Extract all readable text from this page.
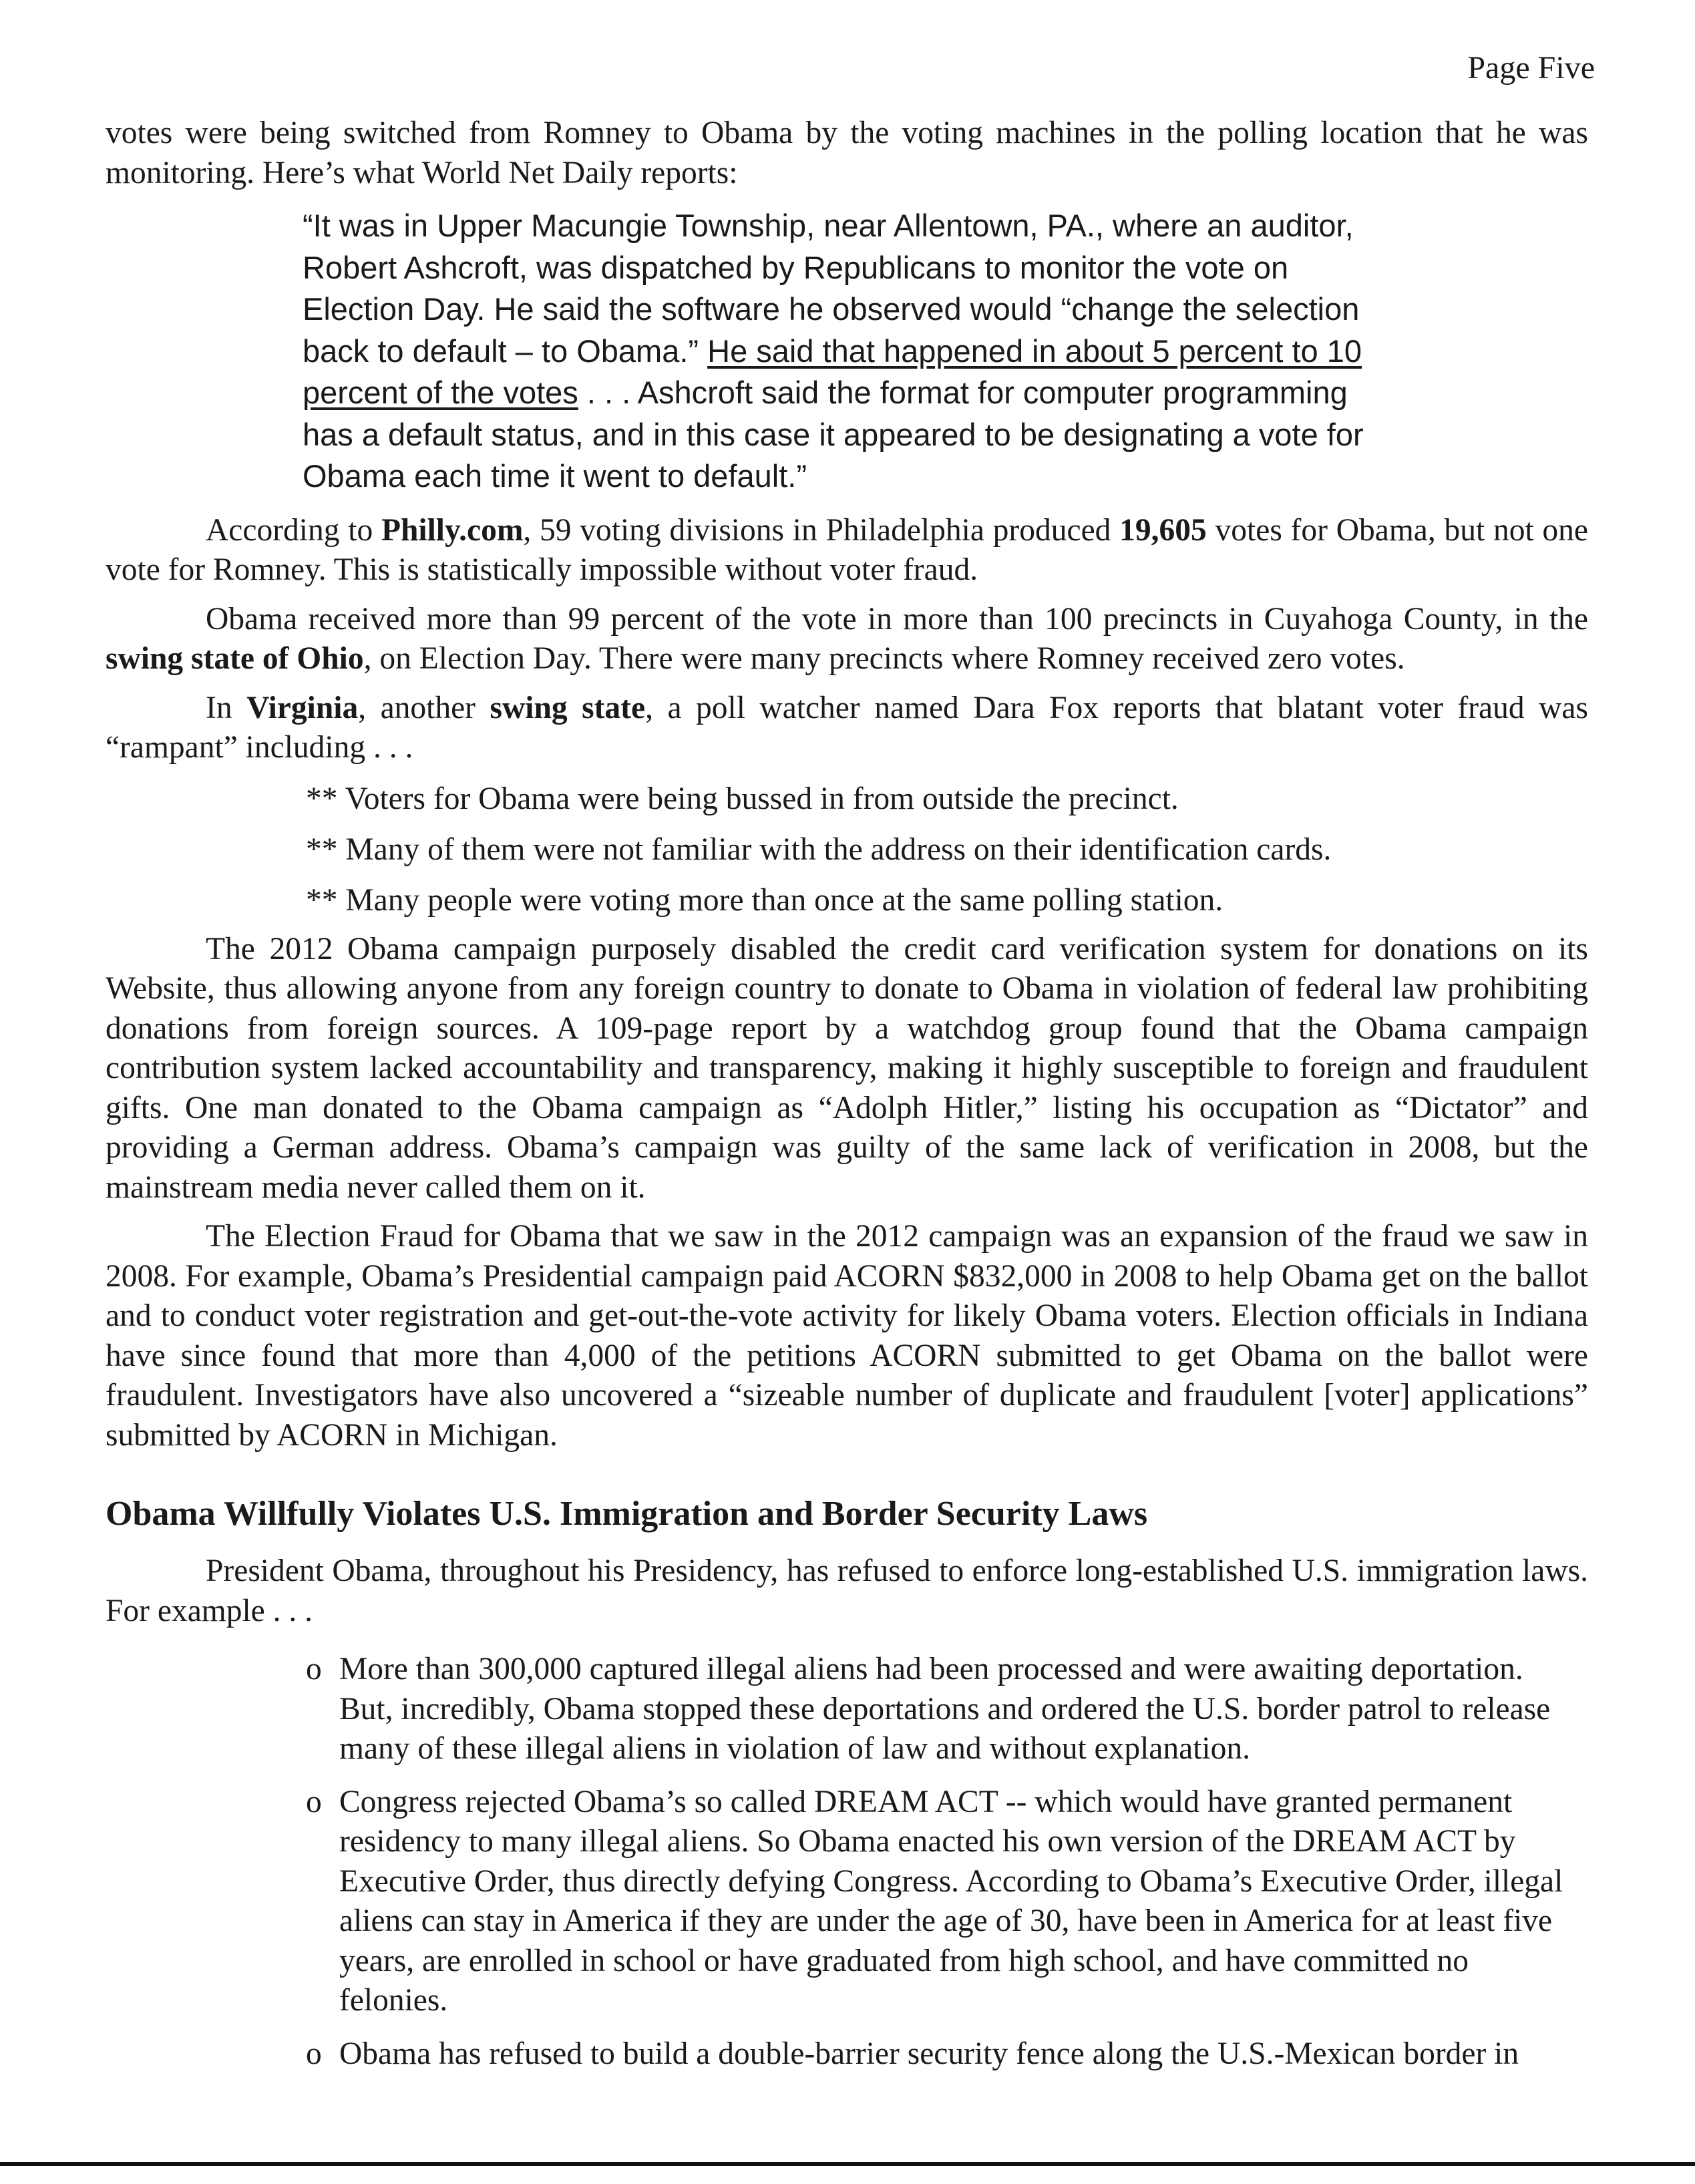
Page Five

votes were being switched from Romney to Obama by the voting machines in the polling location that he was monitoring. Here’s what World Net Daily reports:

“It was in Upper Macungie Township, near Allentown, PA., where an auditor, Robert Ashcroft, was dispatched by Republicans to monitor the vote on Election Day. He said the software he observed would “change the selection back to default – to Obama.” He said that happened in about 5 percent to 10 percent of the votes . . . Ashcroft said the format for computer programming has a default status, and in this case it appeared to be designating a vote for Obama each time it went to default.”

According to Philly.com, 59 voting divisions in Philadelphia produced 19,605 votes for Obama, but not one vote for Romney. This is statistically impossible without voter fraud.

Obama received more than 99 percent of the vote in more than 100 precincts in Cuyahoga County, in the swing state of Ohio, on Election Day. There were many precincts where Romney received zero votes.

In Virginia, another swing state, a poll watcher named Dara Fox reports that blatant voter fraud was “rampant” including . . .

** Voters for Obama were being bussed in from outside the precinct.
** Many of them were not familiar with the address on their identification cards.
** Many people were voting more than once at the same polling station.

The 2012 Obama campaign purposely disabled the credit card verification system for donations on its Website, thus allowing anyone from any foreign country to donate to Obama in violation of federal law prohibiting donations from foreign sources. A 109-page report by a watchdog group found that the Obama campaign contribution system lacked accountability and transparency, making it highly susceptible to foreign and fraudulent gifts. One man donated to the Obama campaign as “Adolph Hitler,” listing his occupation as “Dictator” and providing a German address. Obama’s campaign was guilty of the same lack of verification in 2008, but the mainstream media never called them on it.

The Election Fraud for Obama that we saw in the 2012 campaign was an expansion of the fraud we saw in 2008. For example, Obama’s Presidential campaign paid ACORN $832,000 in 2008 to help Obama get on the ballot and to conduct voter registration and get-out-the-vote activity for likely Obama voters. Election officials in Indiana have since found that more than 4,000 of the petitions ACORN submitted to get Obama on the ballot were fraudulent. Investigators have also uncovered a “sizeable number of duplicate and fraudulent [voter] applications” submitted by ACORN in Michigan.

Obama Willfully Violates U.S. Immigration and Border Security Laws

President Obama, throughout his Presidency, has refused to enforce long-established U.S. immigration laws. For example . . .

o More than 300,000 captured illegal aliens had been processed and were awaiting deportation. But, incredibly, Obama stopped these deportations and ordered the U.S. border patrol to release many of these illegal aliens in violation of law and without explanation.
o Congress rejected Obama’s so called DREAM ACT -- which would have granted permanent residency to many illegal aliens. So Obama enacted his own version of the DREAM ACT by Executive Order, thus directly defying Congress. According to Obama’s Executive Order, illegal aliens can stay in America if they are under the age of 30, have been in America for at least five years, are enrolled in school or have graduated from high school, and have committed no felonies.
o Obama has refused to build a double-barrier security fence along the U.S.-Mexican border in
